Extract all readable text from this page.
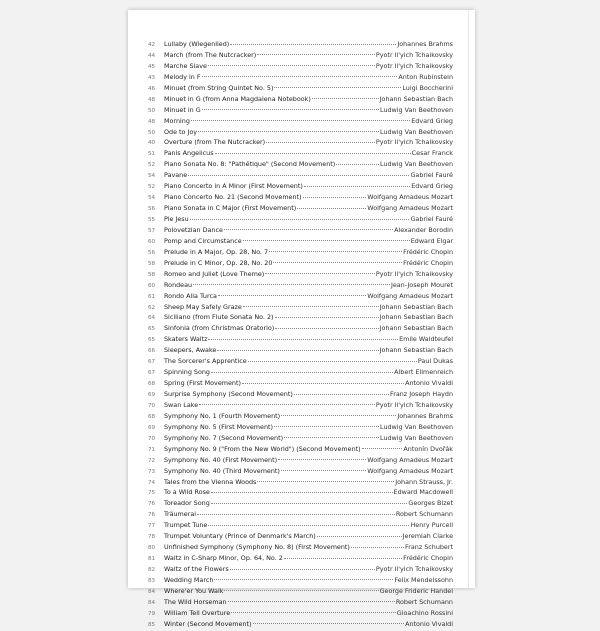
42	Lullaby (Wiegenlied)	Johannes Brahms
44	March (from The Nutcracker)	Pyotr Il'yich Tchaikovsky
45	Marche Slave	Pyotr Il'yich Tchaikovsky
43	Melody in F	Anton Rubinstein
46	Minuet (from String Quintet No. 5)	Luigi Boccherini
48	Minuet in G (from Anna Magdalena Notebook)	Johann Sebastian Bach
50	Minuet in G	Ludwig Van Beethoven
48	Morning	Edvard Grieg
50	Ode to Joy	Ludwig Van Beethoven
40	Overture (from The Nutcracker)	Pyotr Il'yich Tchaikovsky
51	Panis Angelicus	Cesar Franck
52	Piano Sonata No. 8: "Pathétique" (Second Movement)	Ludwig Van Beethoven
54	Pavane	Gabriel Fauré
52	Piano Concerto in A Minor (First Movement)	Edvard Grieg
54	Piano Concerto No. 21 (Second Movement)	Wolfgang Amadeus Mozart
56	Piano Sonata in C Major (First Movement)	Wolfgang Amadeus Mozart
55	Pie Jesu	Gabriel Fauré
57	Polovetzian Dance	Alexander Borodin
60	Pomp and Circumstance	Edward Elgar
56	Prelude in A Major, Op. 28, No. 7	Frédéric Chopin
58	Prelude in C Minor, Op. 28, No. 20	Frédéric Chopin
58	Romeo and Juliet (Love Theme)	Pyotr Il'yich Tchaikovsky
60	Rondeau	Jean-Joseph Mouret
61	Rondo Alla Turca	Wolfgang Amadeus Mozart
62	Sheep May Safely Graze	Johann Sebastian Bach
64	Siciliano (from Flute Sonata No. 2)	Johann Sebastian Bach
65	Sinfonia (from Christmas Oratorio)	Johann Sebastian Bach
65	Skaters Waltz	Emile Waldteufel
66	Sleepers, Awake	Johann Sebastian Bach
67	The Sorcerer's Apprentice	Paul Dukas
67	Spinning Song	Albert Ellmenreich
68	Spring (First Movement)	Antonio Vivaldi
69	Surprise Symphony (Second Movement)	Franz Joseph Haydn
70	Swan Lake	Pyotr Il'yich Tchaikovsky
68	Symphony No. 1 (Fourth Movement)	Johannes Brahms
69	Symphony No. 5 (First Movement)	Ludwig Van Beethoven
70	Symphony No. 7 (Second Movement)	Ludwig Van Beethoven
71	Symphony No. 9 ("From the New World") (Second Movement)	Antonín Dvořák
72	Symphony No. 40 (First Movement)	Wolfgang Amadeus Mozart
73	Symphony No. 40 (Third Movement)	Wolfgang Amadeus Mozart
74	Tales from the Vienna Woods	Johann Strauss, Jr.
75	To a Wild Rose	Edward Macdowell
76	Toreador Song	Georges Bizet
76	Träumerai	Robert Schumann
77	Trumpet Tune	Henry Purcell
78	Trumpet Voluntary (Prince of Denmark's March)	Jeremiah Clarke
80	Unfinished Symphony (Symphony No. 8) (First Movement)	Franz Schubert
81	Waltz in C-Sharp Minor, Op. 64, No. 2	Frédéric Chopin
82	Waltz of the Flowers	Pyotr Il'yich Tchaikovsky
83	Wedding March	Felix Mendelssohn
84	Where'er You Walk	George Frideric Handel
84	The Wild Horseman	Robert Schumann
79	William Tell Overture	Gioachino Rossini
85	Winter (Second Movement)	Antonio Vivaldi
